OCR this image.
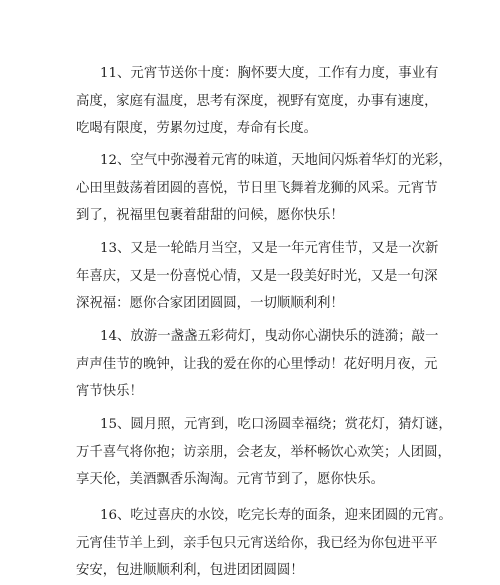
11、元宵节送你十度：胸怀要大度，工作有力度，事业有
高度，家庭有温度，思考有深度，视野有宽度，办事有速度，
吃喝有限度，劳累勿过度，寿命有长度。

12、空气中弥漫着元宵的味道，天地间闪烁着华灯的光彩，
心田里鼓荡着团圆的喜悦，节日里飞舞着龙狮的风采。元宵节
到了，祝福里包裹着甜甜的问候，愿你快乐！

13、又是一轮皓月当空，又是一年元宵佳节，又是一次新
年喜庆，又是一份喜悦心情，又是一段美好时光，又是一句深
深祝福：愿你合家团团圆圆，一切顺顺利利！

14、放游一盏盏五彩荷灯，曳动你心湖快乐的涟漪；敲一
声声佳节的晚钟，让我的爱在你的心里悸动！花好明月夜，元
宵节快乐！

15、圆月照，元宵到，吃口汤圆幸福绕；赏花灯，猜灯谜，
万千喜气将你抱；访亲朋，会老友，举杯畅饮心欢笑；人团圆，
享天伦，美酒飘香乐淘淘。元宵节到了，愿你快乐。

16、吃过喜庆的水饺，吃完长寿的面条，迎来团圆的元宵。
元宵佳节羊上到，亲手包只元宵送给你，我已经为你包进平平
安安，包进顺顺利利，包进团团圆圆！
